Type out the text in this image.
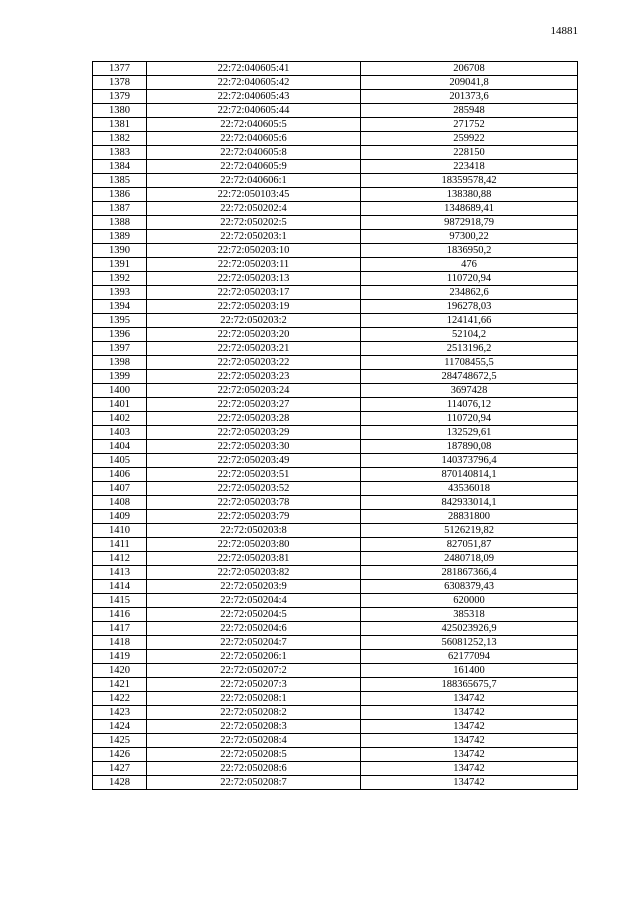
14881
1377	22:72:040605:41	206708
1378	22:72:040605:42	209041,8
1379	22:72:040605:43	201373,6
1380	22:72:040605:44	285948
1381	22:72:040605:5	271752
1382	22:72:040605:6	259922
1383	22:72:040605:8	228150
1384	22:72:040605:9	223418
1385	22:72:040606:1	18359578,42
1386	22:72:050103:45	138380,88
1387	22:72:050202:4	1348689,41
1388	22:72:050202:5	9872918,79
1389	22:72:050203:1	97300,22
1390	22:72:050203:10	1836950,2
1391	22:72:050203:11	476
1392	22:72:050203:13	110720,94
1393	22:72:050203:17	234862,6
1394	22:72:050203:19	196278,03
1395	22:72:050203:2	124141,66
1396	22:72:050203:20	52104,2
1397	22:72:050203:21	2513196,2
1398	22:72:050203:22	11708455,5
1399	22:72:050203:23	284748672,5
1400	22:72:050203:24	3697428
1401	22:72:050203:27	114076,12
1402	22:72:050203:28	110720,94
1403	22:72:050203:29	132529,61
1404	22:72:050203:30	187890,08
1405	22:72:050203:49	140373796,4
1406	22:72:050203:51	870140814,1
1407	22:72:050203:52	43536018
1408	22:72:050203:78	842933014,1
1409	22:72:050203:79	28831800
1410	22:72:050203:8	5126219,82
1411	22:72:050203:80	827051,87
1412	22:72:050203:81	2480718,09
1413	22:72:050203:82	281867366,4
1414	22:72:050203:9	6308379,43
1415	22:72:050204:4	620000
1416	22:72:050204:5	385318
1417	22:72:050204:6	425023926,9
1418	22:72:050204:7	56081252,13
1419	22:72:050206:1	62177094
1420	22:72:050207:2	161400
1421	22:72:050207:3	188365675,7
1422	22:72:050208:1	134742
1423	22:72:050208:2	134742
1424	22:72:050208:3	134742
1425	22:72:050208:4	134742
1426	22:72:050208:5	134742
1427	22:72:050208:6	134742
1428	22:72:050208:7	134742
